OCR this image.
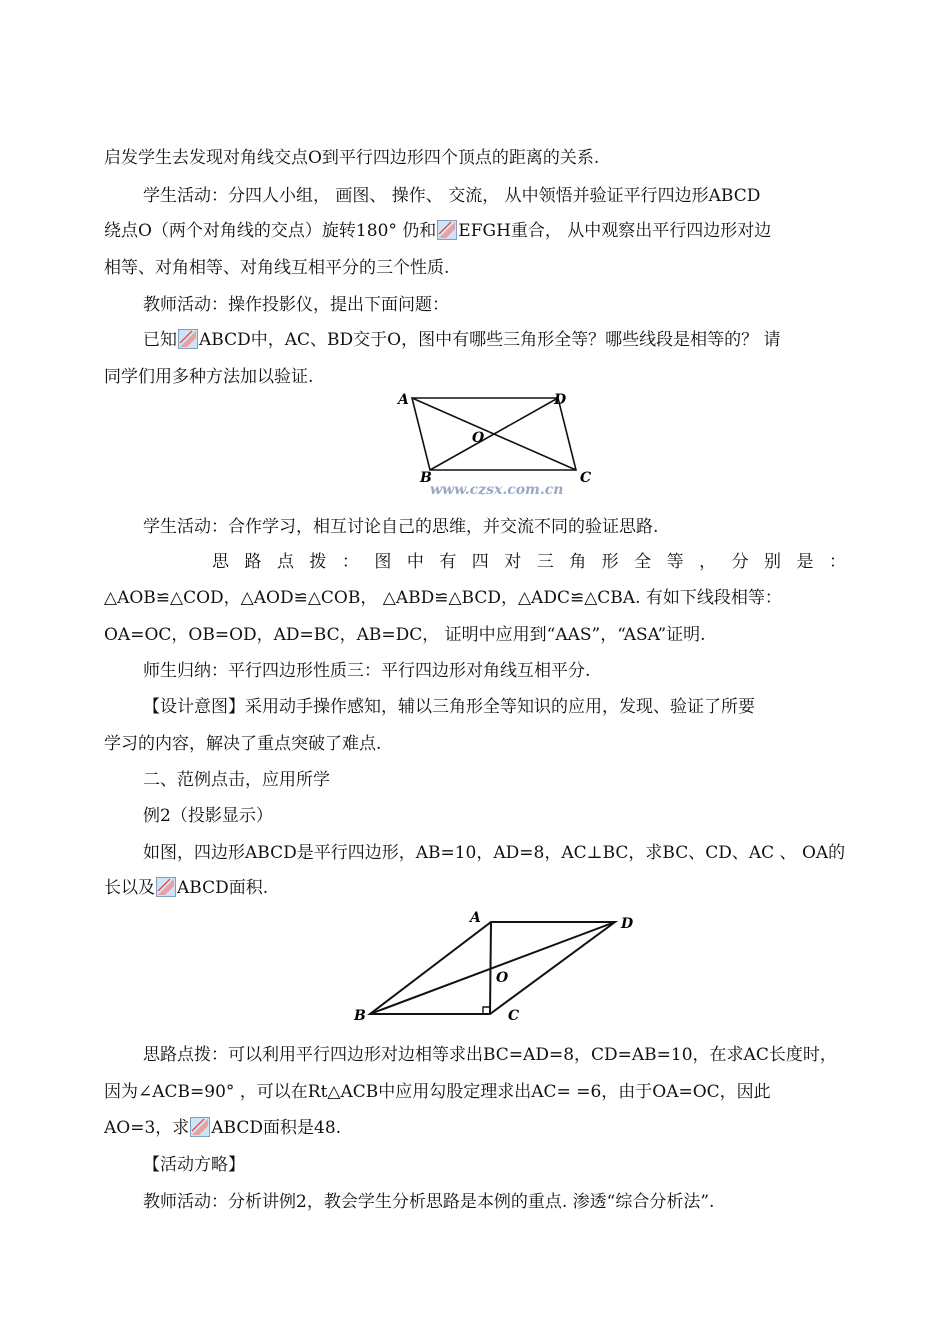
启发学生去发现对角线交点O到平行四边形四个顶点的距离的关系.
学生活动：分四人小组， 画图、 操作、 交流， 从中领悟并验证平行四边形ABCD
绕点O（两个对角线的交点）旋转180° 仍和 EFGH重合， 从中观察出平行四边形对边
相等、对角相等、对角线互相平分的三个性质.
教师活动：操作投影仪，提出下面问题：
已知 ABCD中，AC、BD交于O，图中有哪些三角形全等？哪些线段是相等的？ 请
同学们用多种方法加以验证.
A	D
B	C
O
www.czsx.com.cn
学生活动：合作学习，相互讨论自己的思维，并交流不同的验证思路.
思路点拨：图中有四对三角形全等，分别是：
△AOB≌△COD，△AOD≌△COB， △ABD≌△BCD，△ADC≌△CBA. 有如下线段相等：
OA=OC，OB=OD，AD=BC，AB=DC， 证明中应用到“AAS”，“ASA”证明.
师生归纳：平行四边形性质三：平行四边形对角线互相平分.
【设计意图】采用动手操作感知，辅以三角形全等知识的应用，发现、验证了所要
学习的内容，解决了重点突破了难点.
二、范例点击，应用所学
例2（投影显示）
如图，四边形ABCD是平行四边形，AB=10，AD=8，AC⊥BC，求BC、CD、AC 、 OA的
长以及 ABCD面积.
A	D
B	C
O
思路点拨：可以利用平行四边形对边相等求出BC=AD=8，CD=AB=10，在求AC长度时，
因为∠ACB=90° ，可以在Rt△ACB中应用勾股定理求出AC= =6，由于OA=OC，因此
AO=3，求 ABCD面积是48.
【活动方略】
教师活动：分析讲例2，教会学生分析思路是本例的重点. 渗透“综合分析法”.
